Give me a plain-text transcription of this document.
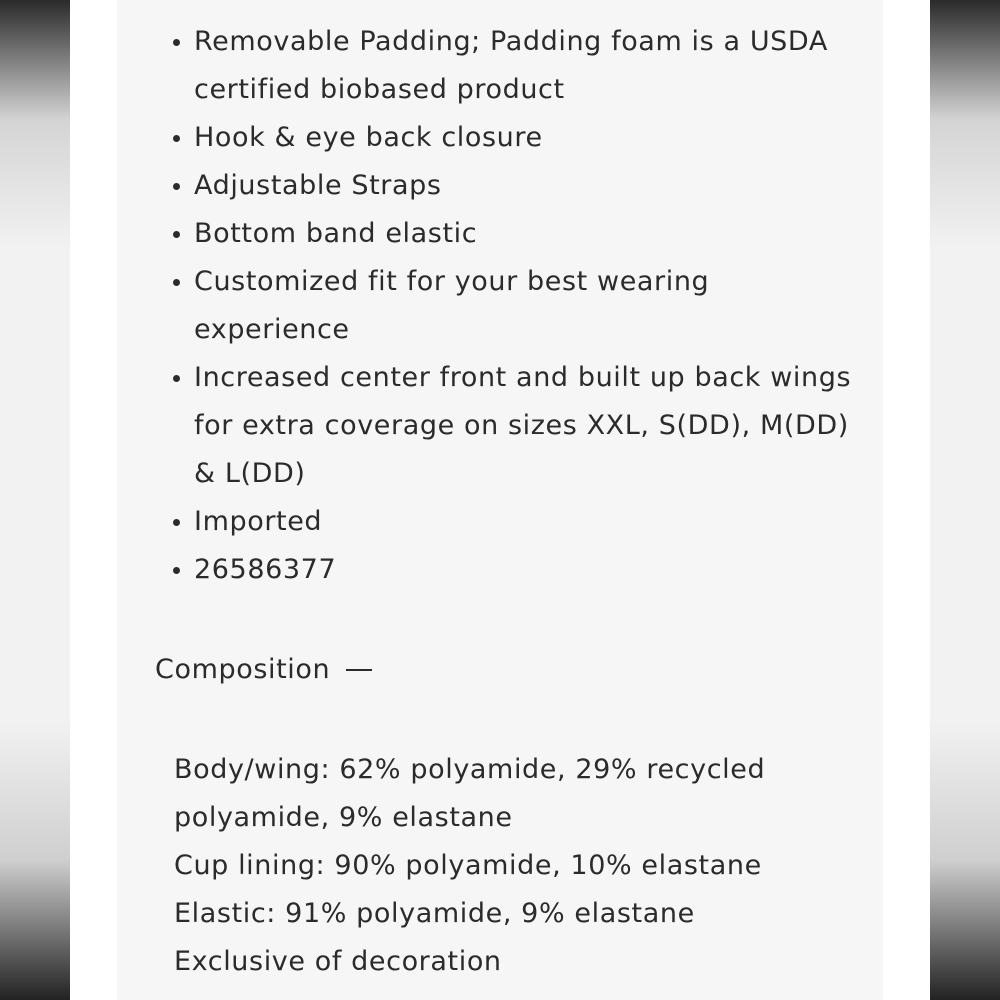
Removable Padding; Padding foam is a USDA certified biobased product
Hook & eye back closure
Adjustable Straps
Bottom band elastic
Customized fit for your best wearing experience
Increased center front and built up back wings for extra coverage on sizes XXL, S(DD), M(DD) & L(DD)
Imported
26586377
Composition

Body/wing: 62% polyamide, 29% recycled polyamide, 9% elastane

Cup lining: 90% polyamide, 10% elastane

Elastic: 91% polyamide, 9% elastane

Exclusive of decoration
